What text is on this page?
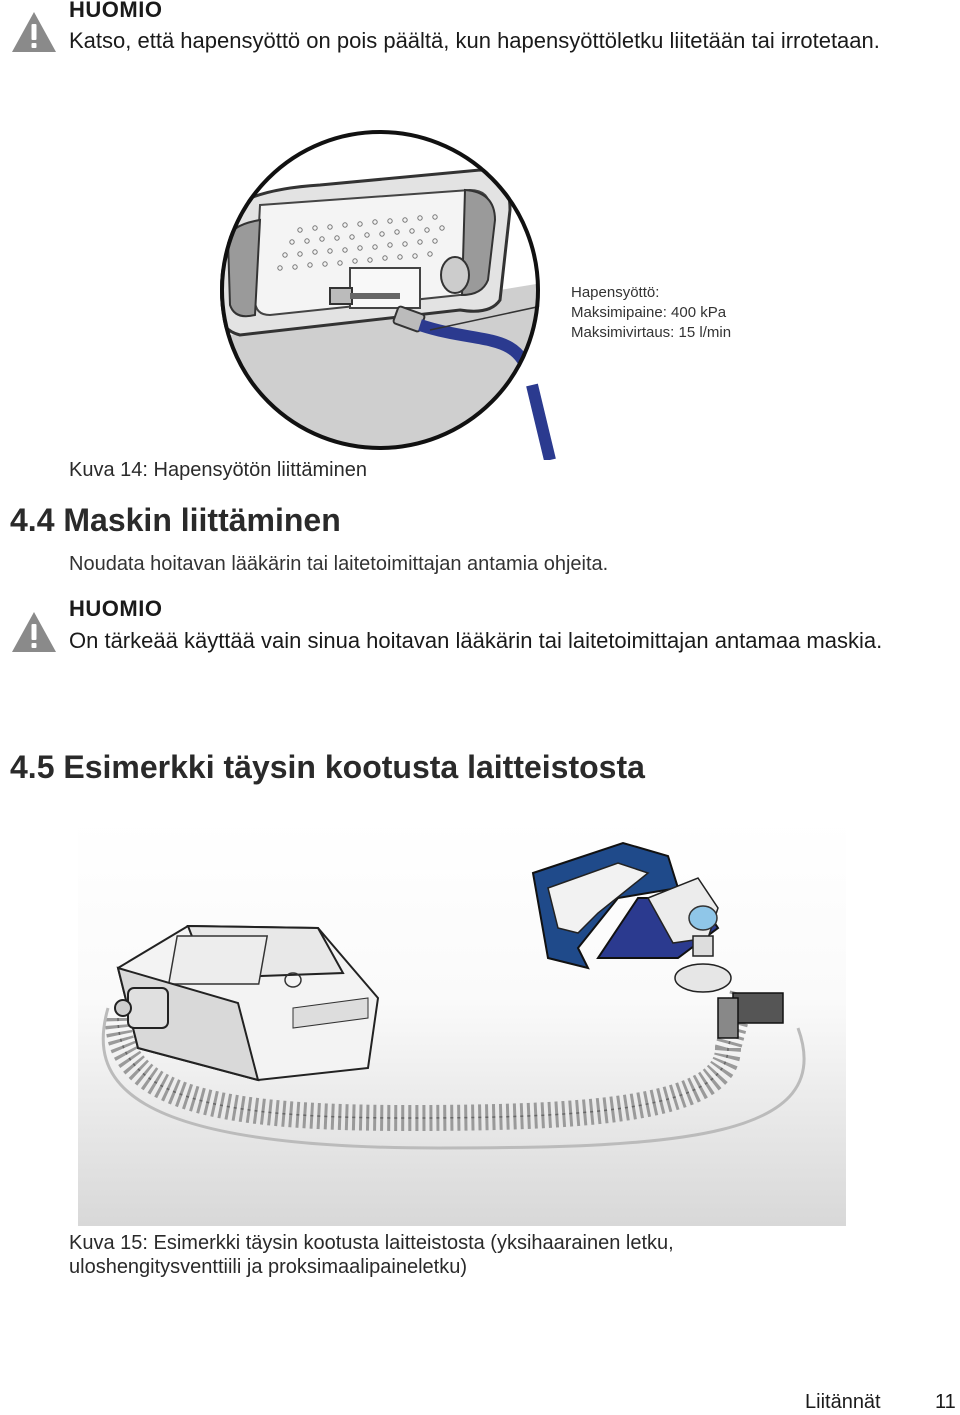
HUOMIO
Katso, että hapensyöttö on pois päältä, kun hapensyöttöletku liitetään tai irrotetaan.
Hapensyöttö:
Maksimipaine: 400 kPa
Maksimivirtaus: 15 l/min
Kuva 14: Hapensyötön liittäminen
4.4 Maskin liittäminen
Noudata hoitavan lääkärin tai laitetoimittajan antamia ohjeita.
HUOMIO
On tärkeää käyttää vain sinua hoitavan lääkärin tai laitetoimittajan antamaa maskia.
4.5 Esimerkki täysin kootusta laitteistosta
Kuva 15: Esimerkki täysin kootusta laitteistosta (yksihaarainen letku,
uloshengitysventtiili ja proksimaalipaineletku)
Liitännät	11
